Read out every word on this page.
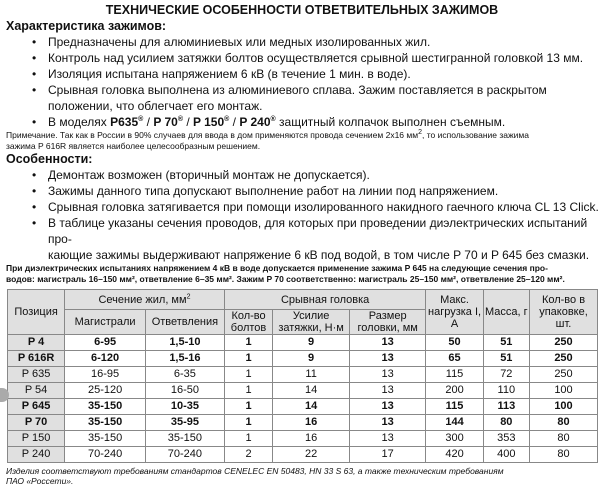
ТЕХНИЧЕСКИЕ ОСОБЕННОСТИ ОТВЕТВИТЕЛЬНЫХ ЗАЖИМОВ
Характеристика зажимов:
• Предназначены для алюминиевых или медных изолированных жил.
• Контроль над усилием затяжки болтов осуществляется срывной шестигранной головкой 13 мм.
• Изоляция испытана напряжением 6 кВ (в течение 1 мин. в воде).
• Срывная головка выполнена из алюминиевого сплава. Зажим поставляется в раскрытом
положении, что облегчает его монтаж.
• В моделях P635® / P 70® / P 150® / P 240® защитный колпачок выполнен съемным.
Примечание. Так как в России в 90% случаев для ввода в дом применяются провода сечением 2х16 $мм^2$, то использование зажима
зажима P 616R является наиболее целесообразным решением.
Особенности:
• Демонтаж возможен (вторичный монтаж не допускается).
• Зажимы данного типа допускают выполнение работ на линии под напряжением.
• Срывная головка затягивается при помощи изолированного накидного гаечного ключа CL 13 Click.
• В таблице указаны сечения проводов, для которых при проведении диэлектрических испытаний про-
кающие зажимы выдерживают напряжение 6 кВ под водой, в том числе P 70 и P 645 без смазки.
При диэлектрических испытаниях напряжением 4 кВ в воде допускается применение зажима P 645 на следующие сечения про-
водов: магистраль 16–150 мм², ответвление 6–35 мм². Зажим P 70 соответственно: магистраль 25–150 мм², ответвление 25–120 мм².
Позиция	Сечение жил, $мм^2$		Срывная головка			Макс. нагрузка I, А	Масса, г	Кол-во в упаковке, шт.
	Магистрали	Ответвления	Кол-во болтов	Усилие затяжки, Н·м	Размер головки, мм			
P 4	6-95	1,5-10	1	9	13	50	51	250
P 616R	6-120	1,5-16	1	9	13	65	51	250
P 635	16-95	6-35	1	11	13	115	72	250
P 54	25-120	16-50	1	14	13	200	110	100
P 645	35-150	10-35	1	14	13	115	113	100
P 70	35-150	35-95	1	16	13	144	80	80
P 150	35-150	35-150	1	16	13	300	353	80
P 240	70-240	70-240	2	22	17	420	400	80
Изделия соответствуют требованиям стандартов CENELEC EN 50483, HN 33 S 63, а также техническим требованиям
ПАО «Россети».
